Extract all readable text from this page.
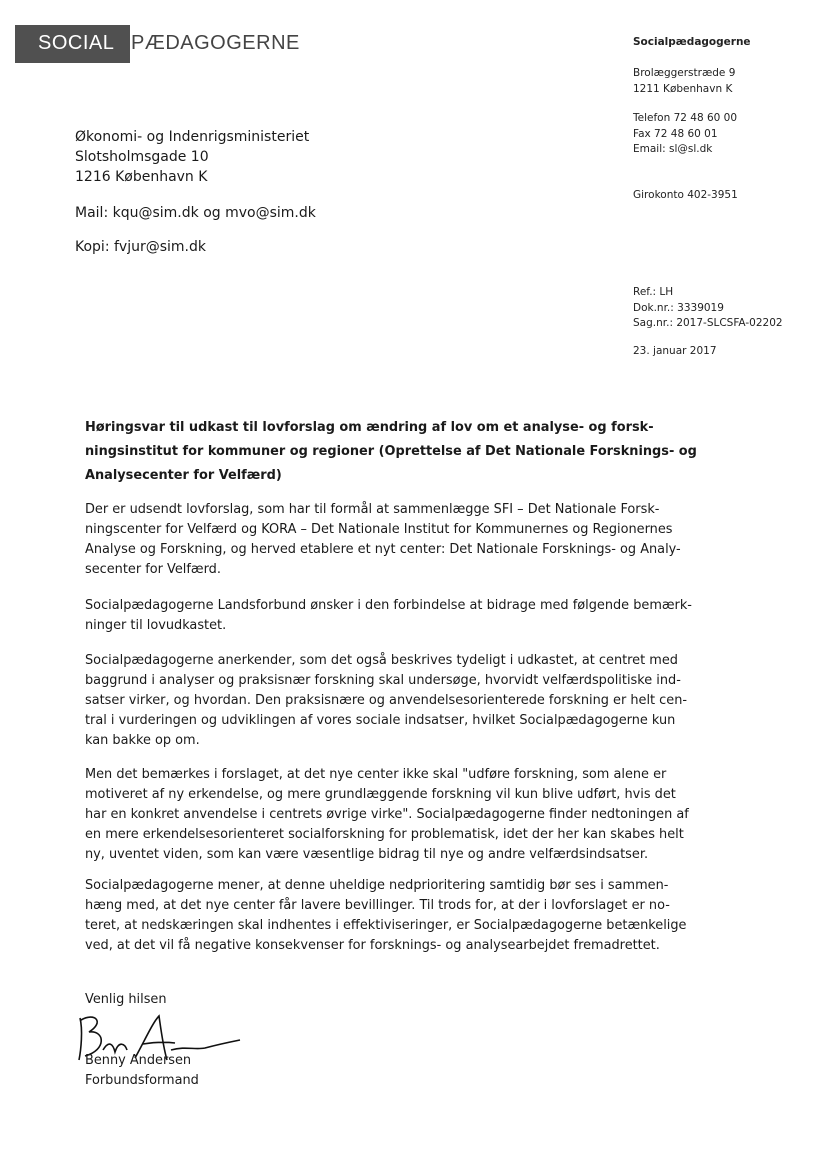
SOCIAL PÆDAGOGERNE	Socialpædagogerne
Brolæggerstræde 9
1211 København K
Telefon 72 48 60 00
Fax 72 48 60 01
Email: sl@sl.dk
Girokonto 402-3951
Ref.: LH
Dok.nr.: 3339019
Sag.nr.: 2017-SLCSFA-02202
23. januar 2017
Økonomi- og Indenrigsministeriet
Slotsholmsgade 10
1216 København K
Mail: kqu@sim.dk og mvo@sim.dk
Kopi: fvjur@sim.dk
Høringsvar til udkast til lovforslag om ændring af lov om et analyse- og forsk-
ningsinstitut for kommuner og regioner (Oprettelse af Det Nationale Forsknings- og
Analysecenter for Velfærd)
Der er udsendt lovforslag, som har til formål at sammenlægge SFI – Det Nationale Forsk-
ningscenter for Velfærd og KORA – Det Nationale Institut for Kommunernes og Regionernes
Analyse og Forskning, og herved etablere et nyt center: Det Nationale Forsknings- og Analy-
secenter for Velfærd.
Socialpædagogerne Landsforbund ønsker i den forbindelse at bidrage med følgende bemærk-
ninger til lovudkastet.
Socialpædagogerne anerkender, som det også beskrives tydeligt i udkastet, at centret med
baggrund i analyser og praksisnær forskning skal undersøge, hvorvidt velfærdspolitiske ind-
satser virker, og hvordan. Den praksisnære og anvendelsesorienterede forskning er helt cen-
tral i vurderingen og udviklingen af vores sociale indsatser, hvilket Socialpædagogerne kun
kan bakke op om.
Men det bemærkes i forslaget, at det nye center ikke skal "udføre forskning, som alene er
motiveret af ny erkendelse, og mere grundlæggende forskning vil kun blive udført, hvis det
har en konkret anvendelse i centrets øvrige virke". Socialpædagogerne finder nedtoningen af
en mere erkendelsesorienteret socialforskning for problematisk, idet der her kan skabes helt
ny, uventet viden, som kan være væsentlige bidrag til nye og andre velfærdsindsatser.
Socialpædagogerne mener, at denne uheldige nedprioritering samtidig bør ses i sammen-
hæng med, at det nye center får lavere bevillinger. Til trods for, at der i lovforslaget er no-
teret, at nedskæringen skal indhentes i effektiviseringer, er Socialpædagogerne betænkelige
ved, at det vil få negative konsekvenser for forsknings- og analysearbejdet fremadrettet.
Venlig hilsen
Benny Andersen
Forbundsformand
